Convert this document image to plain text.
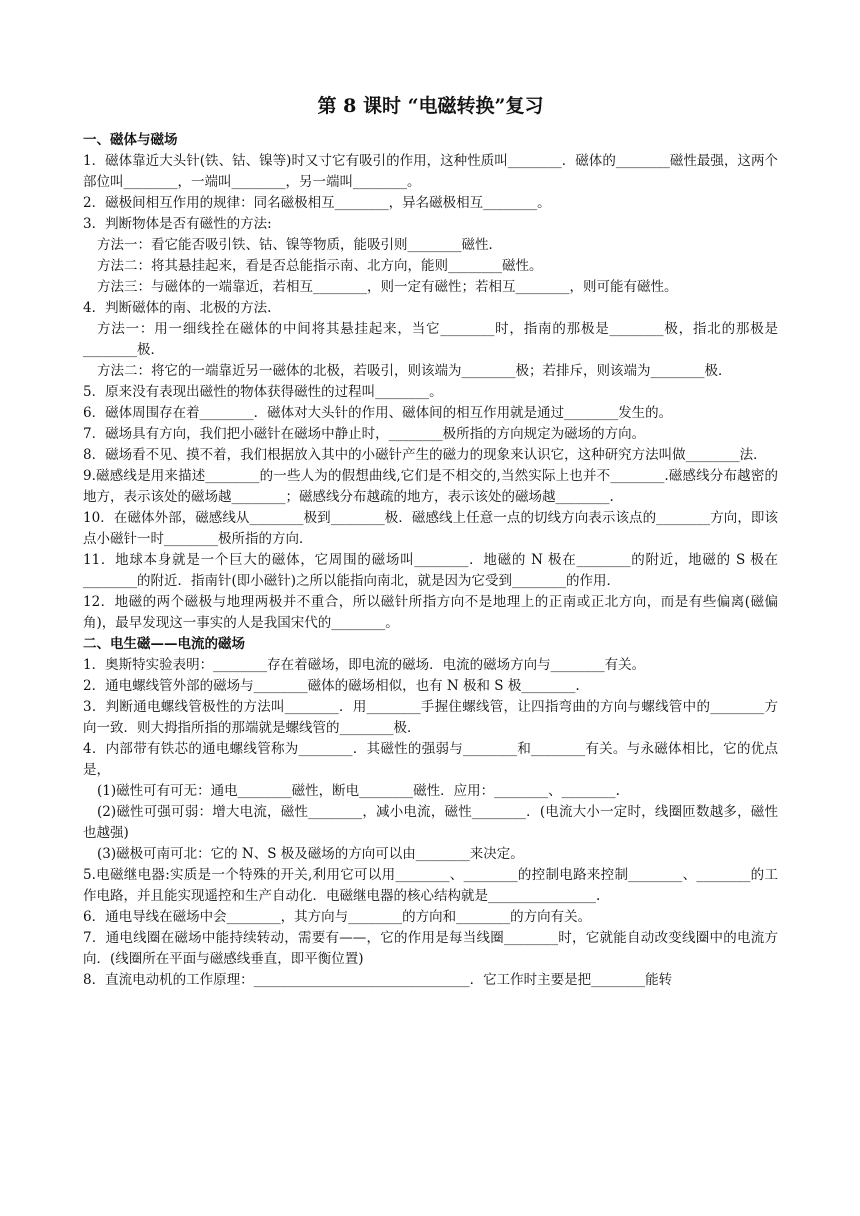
第 8 课时 “电磁转换”复习
一、磁体与磁场

1．磁体靠近大头针(铁、钴、镍等)时又寸它有吸引的作用，这种性质叫________．磁体的________磁性最强，这两个部位叫________，一端叫________，另一端叫________。

2．磁极间相互作用的规律：同名磁极相互________，异名磁极相互________。

3．判断物体是否有磁性的方法:

方法一：看它能否吸引铁、钴、镍等物质，能吸引则________磁性．

方法二：将其悬挂起来，看是否总能指示南、北方向，能则________磁性。

方法三：与磁体的一端靠近，若相互________，则一定有磁性；若相互________，则可能有磁性。

4．判断磁体的南、北极的方法.

方法一：用一细线拴在磁体的中间将其悬挂起来，当它________时，指南的那极是________极，指北的那极是________极．

方法二：将它的一端靠近另一磁体的北极，若吸引，则该端为________极；若排斥，则该端为________极．

5．原来没有表现出磁性的物体获得磁性的过程叫________。

6．磁体周围存在着________．磁体对大头针的作用、磁体间的相互作用就是通过________发生的。

7．磁场具有方向，我们把小磁针在磁场中静止时，________极所指的方向规定为磁场的方向。

8．磁场看不见、摸不着，我们根据放入其中的小磁针产生的磁力的现象来认识它，这种研究方法叫做________法．

9.磁感线是用来描述________的一些人为的假想曲线,它们是不相交的,当然实际上也并不________.磁感线分布越密的地方，表示该处的磁场越________；磁感线分布越疏的地方，表示该处的磁场越________.

10．在磁体外部，磁感线从________极到________极．磁感线上任意一点的切线方向表示该点的________方向，即该点小磁针一时________极所指的方向．

11．地球本身就是一个巨大的磁体，它周围的磁场叫________．地磁的 N 极在________的附近，地磁的 S 极在________的附近．指南针(即小磁针)之所以能指向南北，就是因为它受到________的作用．

12．地磁的两个磁极与地理两极并不重合，所以磁针所指方向不是地理上的正南或正北方向，而是有些偏离(磁偏角)，最早发现这一事实的人是我国宋代的________。

二、电生磁——电流的磁场

1．奥斯特实验表明：________存在着磁场，即电流的磁场．电流的磁场方向与________有关。

2．通电螺线管外部的磁场与________磁体的磁场相似，也有 N 极和 S 极________.

3．判断通电螺线管极性的方法叫________．用________手握住螺线管，让四指弯曲的方向与螺线管中的________方向一致．则大拇指所指的那端就是螺线管的________极．

4．内部带有铁芯的通电螺线管称为________．其磁性的强弱与________和________有关。与永磁体相比，它的优点是，

(1)磁性可有可无：通电________磁性，断电________磁性．应用：________、________.

(2)磁性可强可弱：增大电流，磁性________，减小电流，磁性________．(电流大小一定时，线圈匝数越多，磁性也越强)

(3)磁极可南可北：它的 N、S 极及磁场的方向可以由________来决定。

5.电磁继电器:实质是一个特殊的开关,利用它可以用________、________的控制电路来控制________、________的工作电路，并且能实现遥控和生产自动化．电磁继电器的核心结构就是________________.

6．通电导线在磁场中会________，其方向与________的方向和________的方向有关。

7．通电线圈在磁场中能持续转动，需要有——，它的作用是每当线圈________时，它就能自动改变线圈中的电流方向．(线圈所在平面与磁感线垂直，即平衡位置)

8．直流电动机的工作原理：________________________________．它工作时主要是把________能转
